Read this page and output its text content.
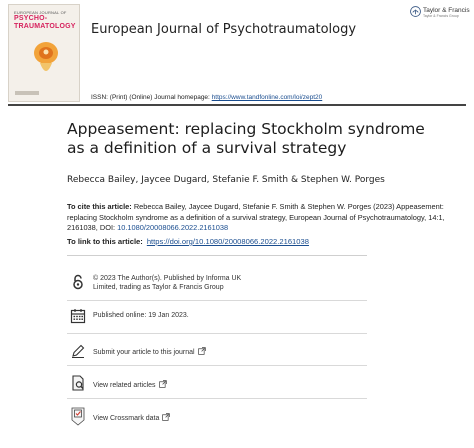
EUROPEAN JOURNAL OF
PSYCHO-
TRAUMATOLOGY European Journal of Psychotraumatology
Taylor & Francis
Taylor & Francis Group
ISSN: (Print) (Online) Journal homepage: https://www.tandfonline.com/loi/zept20
Appeasement: replacing Stockholm syndrome as a definition of a survival strategy
Rebecca Bailey, Jaycee Dugard, Stefanie F. Smith & Stephen W. Porges
To cite this article: Rebecca Bailey, Jaycee Dugard, Stefanie F. Smith & Stephen W. Porges (2023) Appeasement: replacing Stockholm syndrome as a definition of a survival strategy, European Journal of Psychotraumatology, 14:1, 2161038, DOI: 10.1080/20008066.2022.2161038
To link to this article: https://doi.org/10.1080/20008066.2022.2161038
© 2023 The Author(s). Published by Informa UK Limited, trading as Taylor & Francis Group
Published online: 19 Jan 2023.
Submit your article to this journal
View related articles
View Crossmark data
